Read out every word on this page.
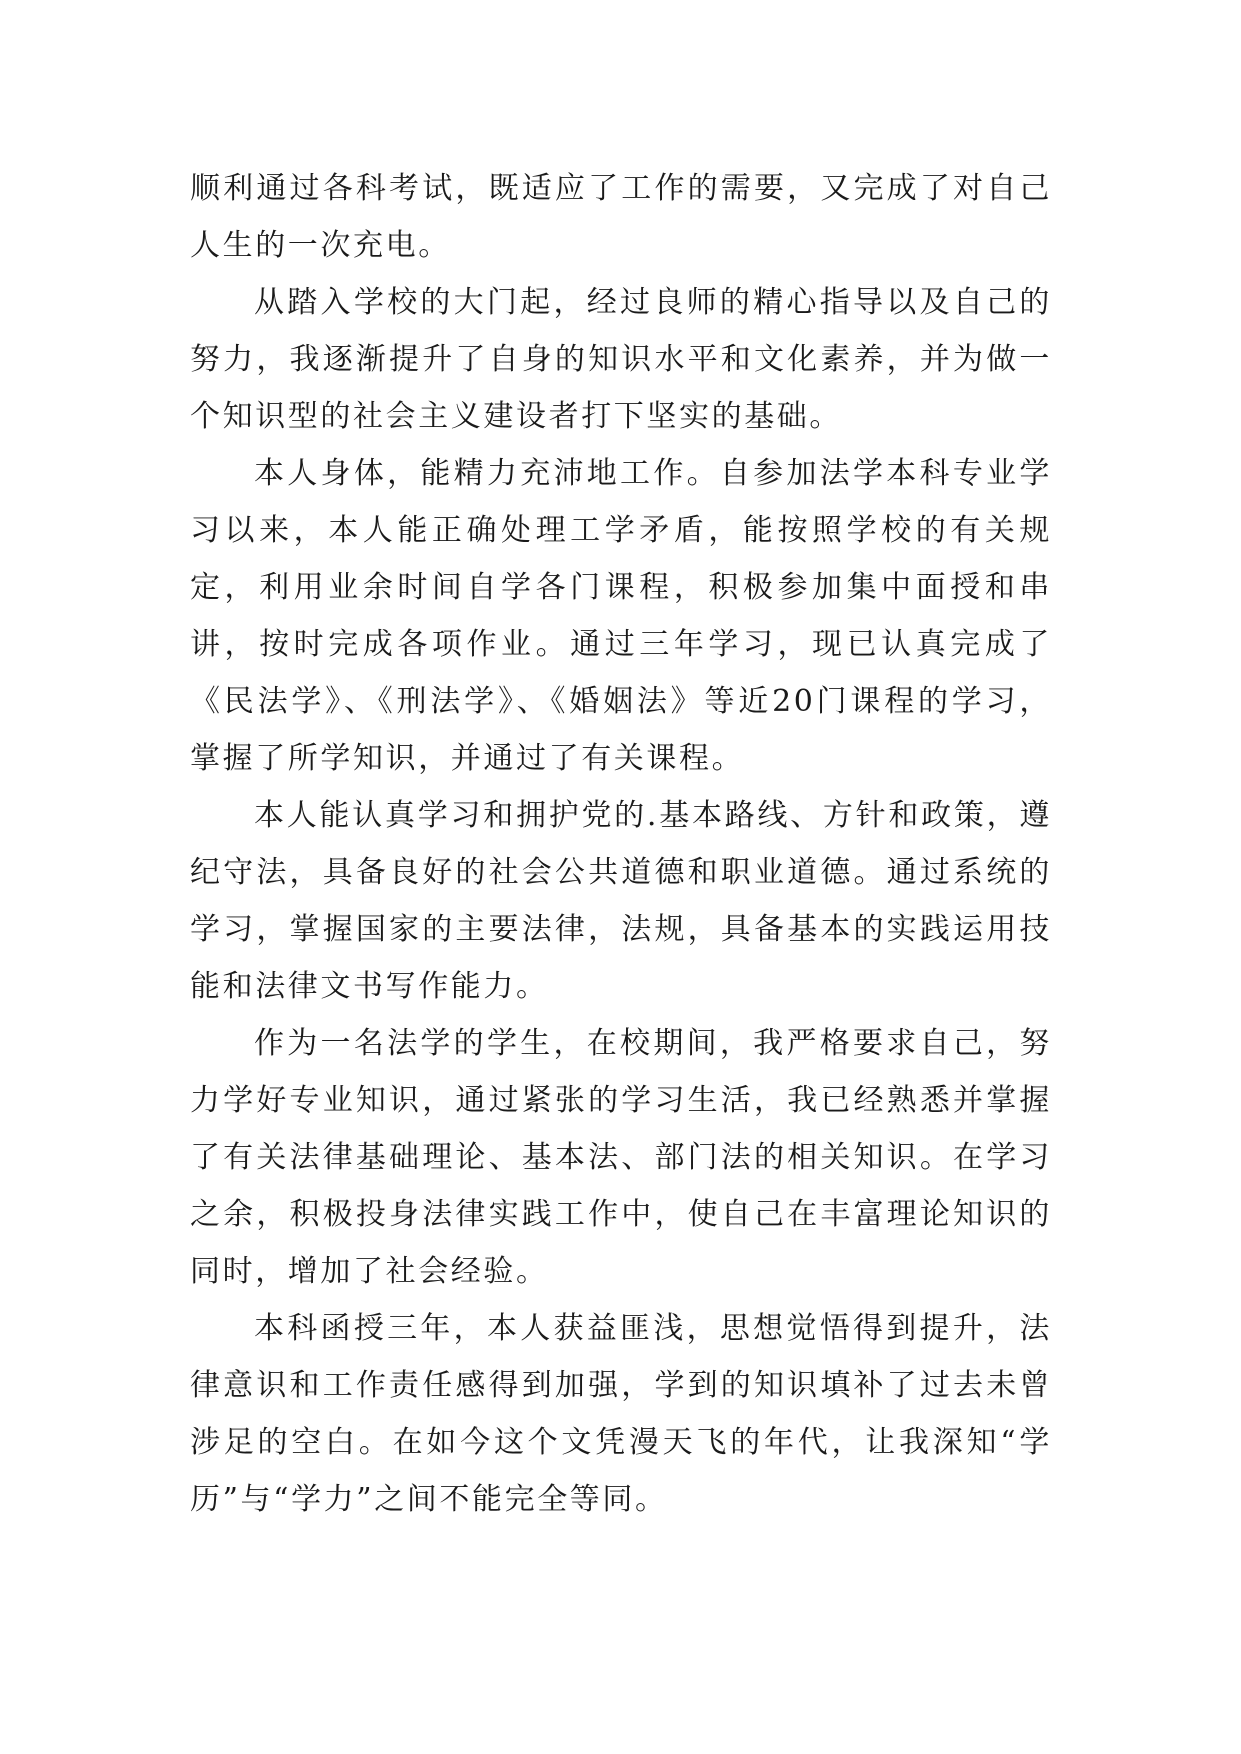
顺利通过各科考试，既适应了工作的需要，又完成了对自己人生的一次充电。

从踏入学校的大门起，经过良师的精心指导以及自己的努力，我逐渐提升了自身的知识水平和文化素养，并为做一个知识型的社会主义建设者打下坚实的基础。

本人身体，能精力充沛地工作。自参加法学本科专业学习以来，本人能正确处理工学矛盾，能按照学校的有关规定，利用业余时间自学各门课程，积极参加集中面授和串讲，按时完成各项作业。通过三年学习，现已认真完成了《民法学》、《刑法学》、《婚姻法》等近20门课程的学习，掌握了所学知识，并通过了有关课程。

本人能认真学习和拥护党的.基本路线、方针和政策，遵纪守法，具备良好的社会公共道德和职业道德。通过系统的学习，掌握国家的主要法律，法规，具备基本的实践运用技能和法律文书写作能力。

作为一名法学的学生，在校期间，我严格要求自己，努力学好专业知识，通过紧张的学习生活，我已经熟悉并掌握了有关法律基础理论、基本法、部门法的相关知识。在学习之余，积极投身法律实践工作中，使自己在丰富理论知识的同时，增加了社会经验。

本科函授三年，本人获益匪浅，思想觉悟得到提升，法律意识和工作责任感得到加强，学到的知识填补了过去未曾涉足的空白。在如今这个文凭漫天飞的年代，让我深知“学历”与“学力”之间不能完全等同。
